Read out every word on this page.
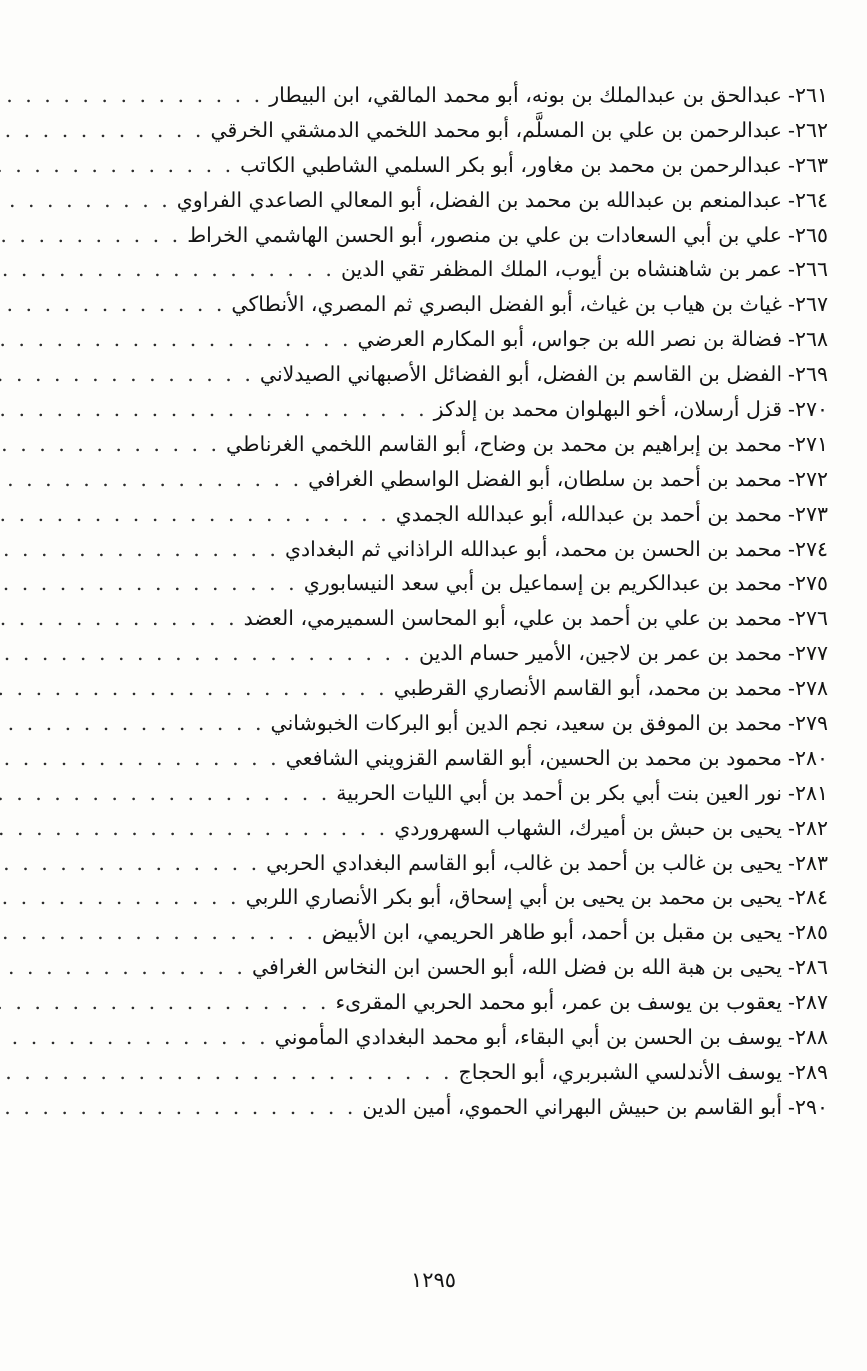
٢٦١
-
عبدالحق بن عبدالملك بن بونه، أبو محمد المالقي، ابن البيطار
. . .
٢٦٢
-
عبدالرحمن بن علي بن المسلَّم، أبو محمد اللخمي الدمشقي الخرقي
. . .
٢٦٣
-
عبدالرحمن بن محمد بن مغاور، أبو بكر السلمي الشاطبي الكاتب
. . .
٢٦٤
-
عبدالمنعم بن عبدالله بن محمد بن الفضل، أبو المعالي الصاعدي الفراوي
. . .
٢٦٥
-
علي بن أبي السعادات بن علي بن منصور، أبو الحسن الهاشمي الخراط
. . .
٢٦٦
-
عمر بن شاهنشاه بن أيوب، الملك المظفر تقي الدين
. . .
٢٦٧
-
غياث بن هياب بن غياث، أبو الفضل البصري ثم المصري، الأنطاكي
. . .
٢٦٨
-
فضالة بن نصر الله بن جواس، أبو المكارم العرضي
. . .
٢٦٩
-
الفضل بن القاسم بن الفضل، أبو الفضائل الأصبهاني الصيدلاني
. . .
٢٧٠
-
قزل أرسلان، أخو البهلوان محمد بن إلدكز
. . .
٢٧١
-
محمد بن إبراهيم بن محمد بن وضاح، أبو القاسم اللخمي الغرناطي
. . .
٢٧٢
-
محمد بن أحمد بن سلطان، أبو الفضل الواسطي الغرافي
. . .
٢٧٣
-
محمد بن أحمد بن عبدالله، أبو عبدالله الجمدي
. . .
٢٧٤
-
محمد بن الحسن بن محمد، أبو عبدالله الراذاني ثم البغدادي
. . .
٢٧٥
-
محمد بن عبدالكريم بن إسماعيل بن أبي سعد النيسابوري
. . .
٢٧٦
-
محمد بن علي بن أحمد بن علي، أبو المحاسن السميرمي، العضد
. . .
٢٧٧
-
محمد بن عمر بن لاجين، الأمير حسام الدين
. . .
٢٧٨
-
محمد بن محمد، أبو القاسم الأنصاري القرطبي
. . .
٢٧٩
-
محمد بن الموفق بن سعيد، نجم الدين أبو البركات الخبوشاني
. . .
٢٨٠
-
محمود بن محمد بن الحسين، أبو القاسم القزويني الشافعي
. . .
٢٨١
-
نور العين بنت أبي بكر بن أحمد بن أبي الليات الحربية
. . .
٢٨٢
-
يحيى بن حبش بن أميرك، الشهاب السهروردي
. . .
٢٨٣
-
يحيى بن غالب بن أحمد بن غالب، أبو القاسم البغدادي الحربي
. . .
٢٨٤
-
يحيى بن محمد بن يحيى بن أبي إسحاق، أبو بكر الأنصاري اللربي
. . .
٢٨٥
-
يحيى بن مقبل بن أحمد، أبو طاهر الحريمي، ابن الأبيض
. . .
٢٨٦
-
يحيى بن هبة الله بن فضل الله، أبو الحسن ابن النخاس الغرافي
. . .
٢٨٧
-
يعقوب بن يوسف بن عمر، أبو محمد الحربي المقرىء
. . .
٢٨٨
-
يوسف بن الحسن بن أبي البقاء، أبو محمد البغدادي المأموني
. . .
٢٨٩
-
يوسف الأندلسي الشبربري، أبو الحجاج
. . .
٢٩٠
-
أبو القاسم بن حبيش البهراني الحموي، أمين الدين
. . .
١٢٩٥
